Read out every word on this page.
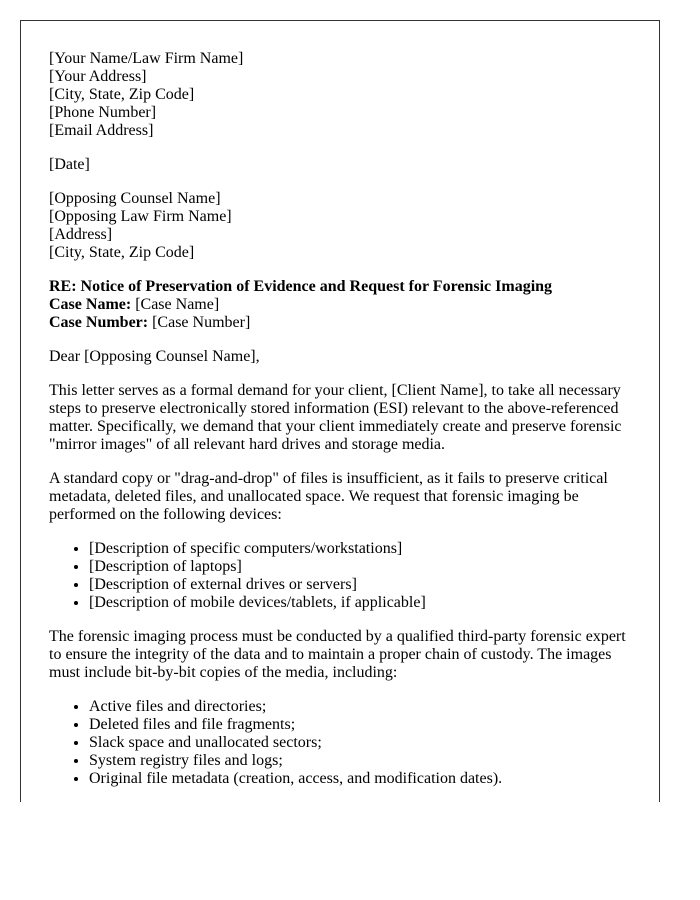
[Your Name/Law Firm Name]
[Your Address]
[City, State, Zip Code]
[Phone Number]
[Email Address]

[Date]

[Opposing Counsel Name]
[Opposing Law Firm Name]
[Address]
[City, State, Zip Code]
RE: Notice of Preservation of Evidence and Request for Forensic Imaging
Case Name: [Case Name]
Case Number: [Case Number]

Dear [Opposing Counsel Name],

This letter serves as a formal demand for your client, [Client Name], to take all necessary steps to preserve electronically stored information (ESI) relevant to the above-referenced matter. Specifically, we demand that your client immediately create and preserve forensic "mirror images" of all relevant hard drives and storage media.

A standard copy or "drag-and-drop" of files is insufficient, as it fails to preserve critical metadata, deleted files, and unallocated space. We request that forensic imaging be performed on the following devices:

• [Description of specific computers/workstations]
• [Description of laptops]
• [Description of external drives or servers]
• [Description of mobile devices/tablets, if applicable]

The forensic imaging process must be conducted by a qualified third-party forensic expert to ensure the integrity of the data and to maintain a proper chain of custody. The images must include bit-by-bit copies of the media, including:

• Active files and directories;
• Deleted files and file fragments;
• Slack space and unallocated sectors;
• System registry files and logs;
• Original file metadata (creation, access, and modification dates).
